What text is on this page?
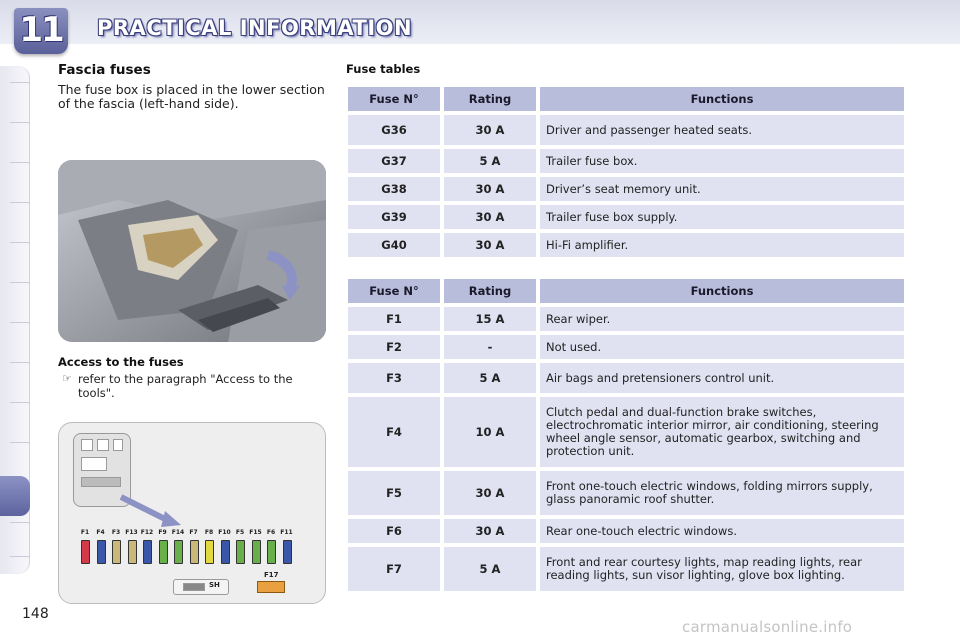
11 PRACTICAL INFORMATION
Fascia fuses
The fuse box is placed in the lower section of the fascia (left-hand side).
Access to the fuses
☞ refer to the paragraph "Access to the tools".
F1	F4	F3 F13 F12 F9 F14 F7	F8 F10 F5 F15 F6 F11
SH
F17
148
Fuse tables
Fuse N°	Rating	Functions
G36	30 A	Driver and passenger heated seats.
G37	5 A	Trailer fuse box.
G38	30 A	Driver’s seat memory unit.
G39	30 A	Trailer fuse box supply.
G40	30 A	Hi-Fi amplifier.
Fuse N°	Rating	Functions
F1	15 A	Rear wiper.
F2	-	Not used.
F3	5 A	Air bags and pretensioners control unit.
F4	10 A	Clutch pedal and dual-function brake switches, electrochromatic interior mirror, air conditioning, steering wheel angle sensor, automatic gearbox, switching and protection unit.
F5	30 A	Front one-touch electric windows, folding mirrors supply, glass panoramic roof shutter.
F6	30 A	Rear one-touch electric windows.
F7	5 A	Front and rear courtesy lights, map reading lights, rear reading lights, sun visor lighting, glove box lighting.
carmanualsonline.info
